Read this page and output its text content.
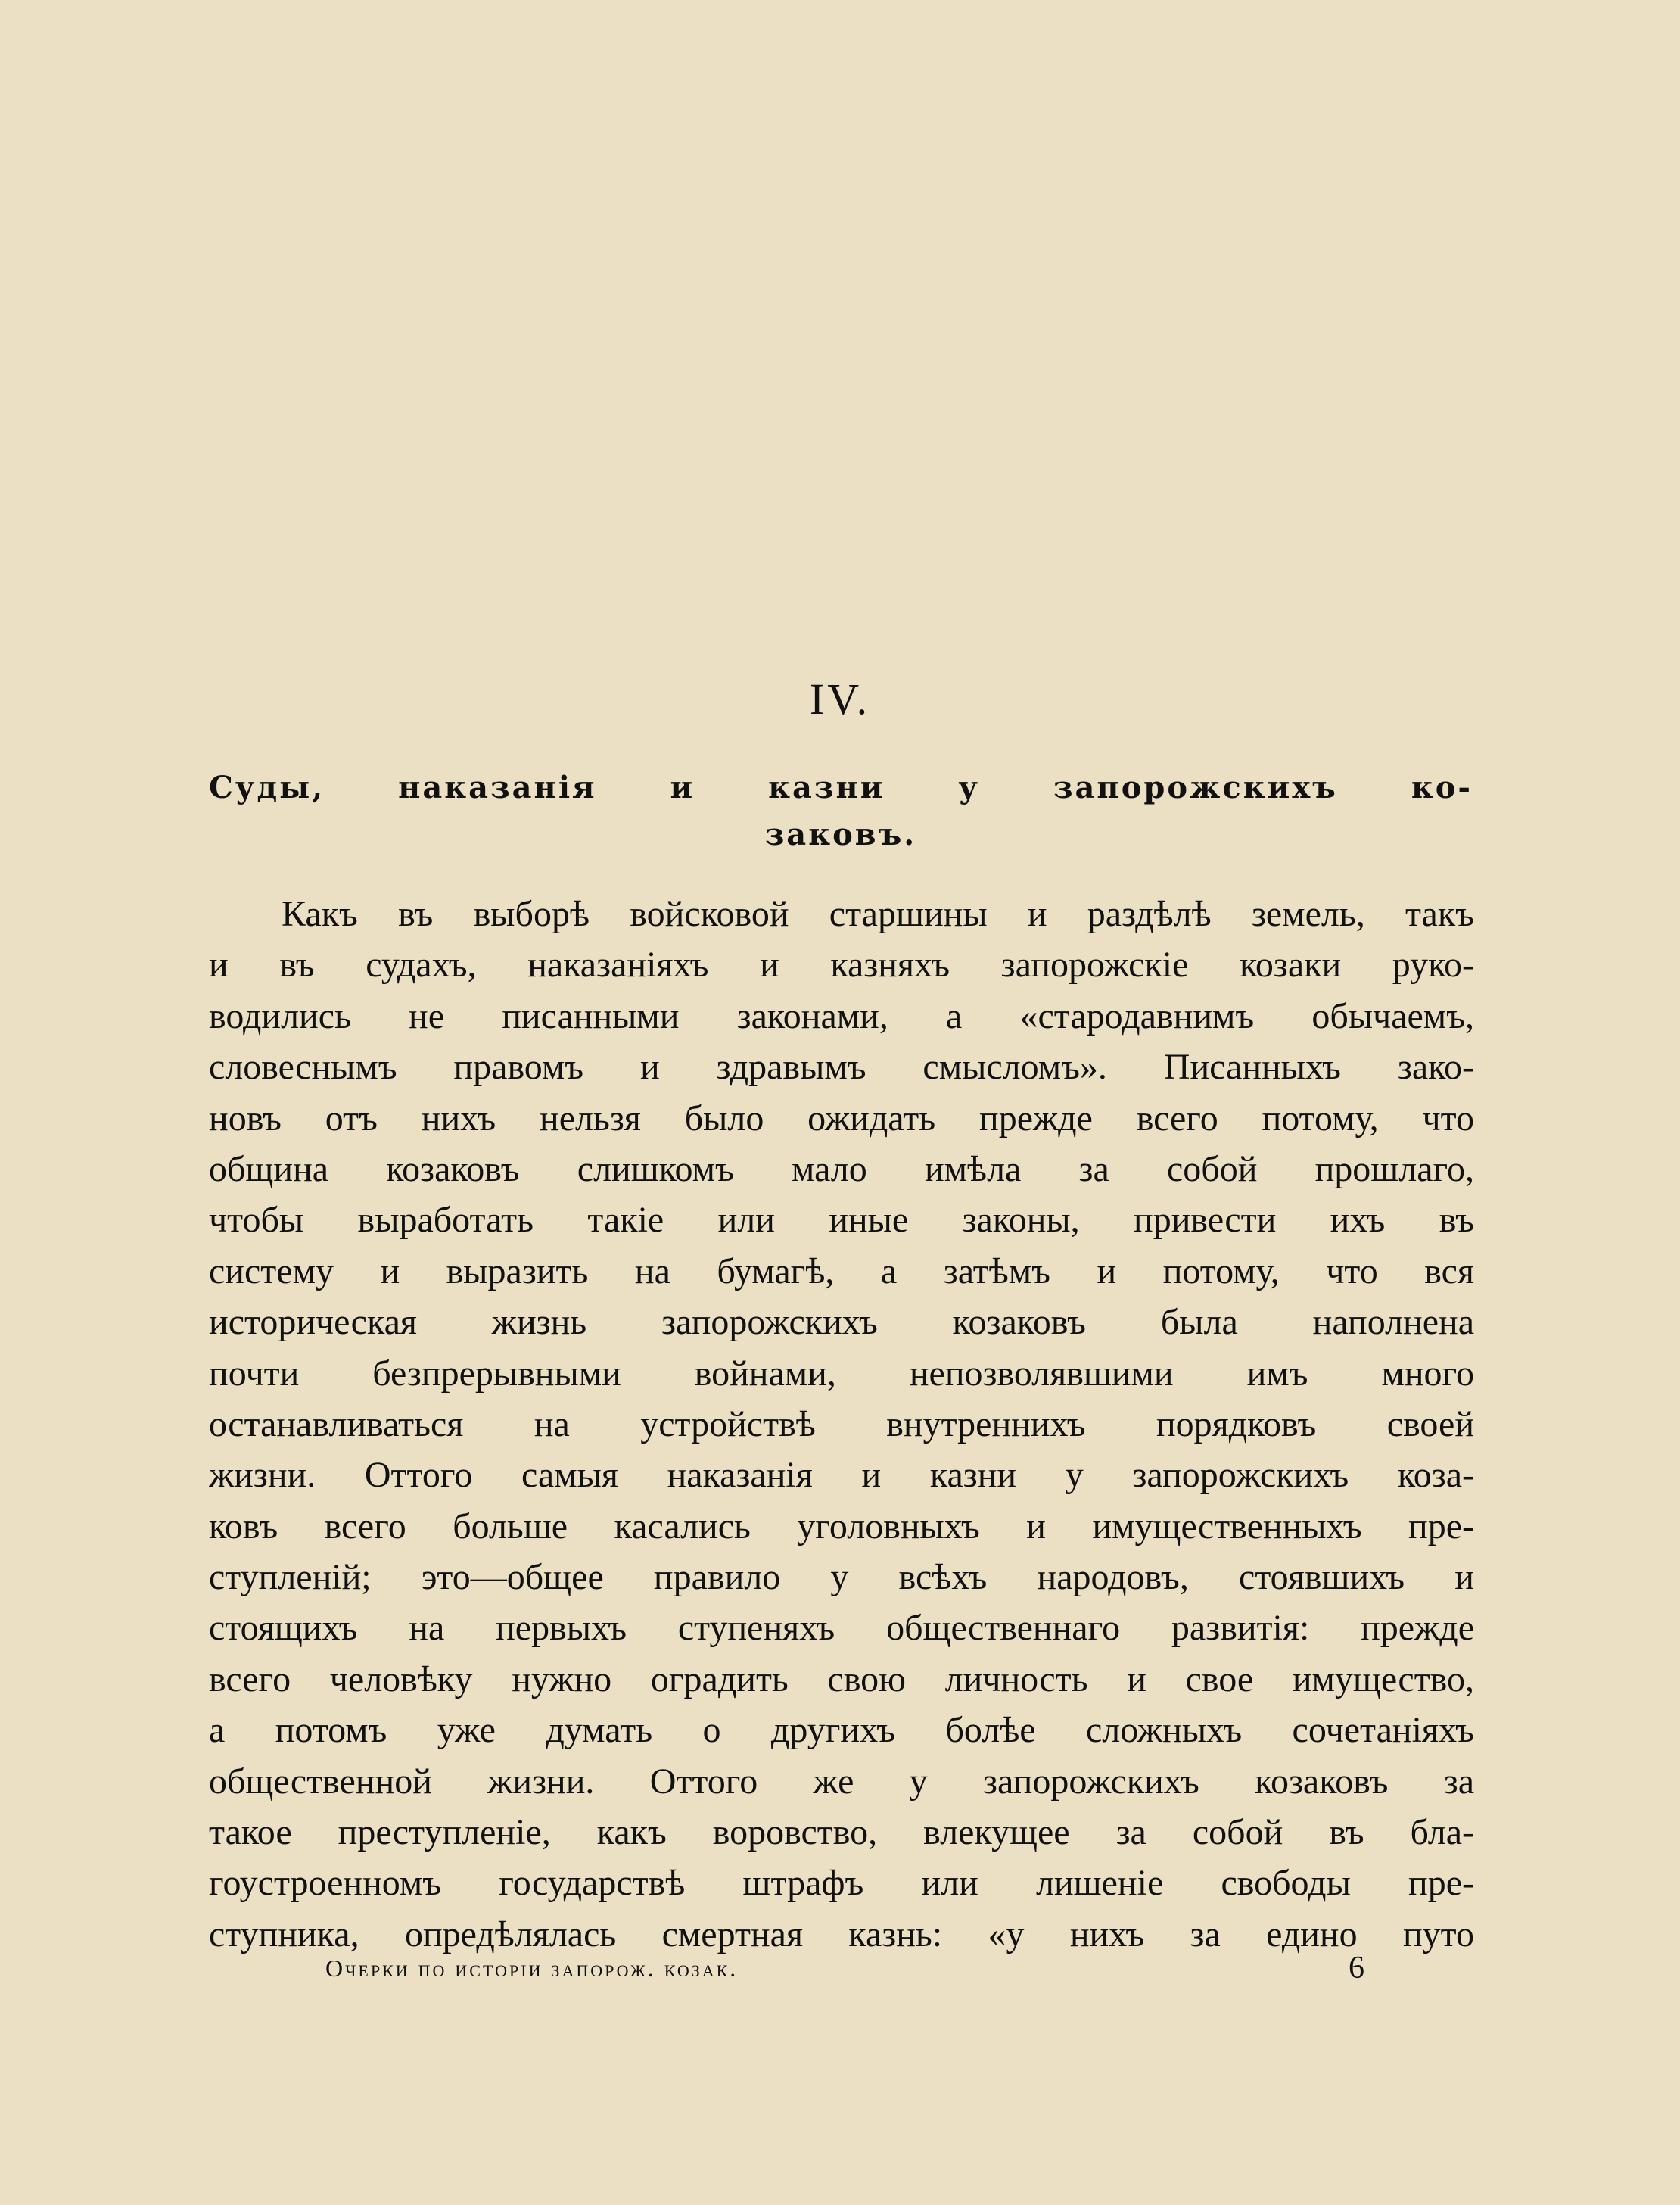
IV.
Суды, наказанія и казни у запорожскихъ ко-
заковъ.
Какъ въ выборѣ войсковой старшины и раздѣлѣ земель, такъ
и въ судахъ, наказаніяхъ и казняхъ запорожскіе козаки руко-
водились не писанными законами, а «стародавнимъ обычаемъ,
словеснымъ правомъ и здравымъ смысломъ». Писанныхъ зако-
новъ отъ нихъ нельзя было ожидать прежде всего потому, что
община козаковъ слишкомъ мало имѣла за собой прошлаго,
чтобы выработать такіе или иные законы, привести ихъ въ
систему и выразить на бумагѣ, а затѣмъ и потому, что вся
историческая жизнь запорожскихъ козаковъ была наполнена
почти безпрерывными войнами, непозволявшими имъ много
останавливаться на устройствѣ внутреннихъ порядковъ своей
жизни. Оттого самыя наказанія и казни у запорожскихъ коза-
ковъ всего больше касались уголовныхъ и имущественныхъ пре-
ступленій; это—общее правило у всѣхъ народовъ, стоявшихъ и
стоящихъ на первыхъ ступеняхъ общественнаго развитія: прежде
всего человѣку нужно оградить свою личность и свое имущество,
а потомъ уже думать о другихъ болѣе сложныхъ сочетаніяхъ
общественной жизни. Оттого же у запорожскихъ козаковъ за
такое преступленіе, какъ воровство, влекущее за собой въ бла-
гоустроенномъ государствѣ штрафъ или лишеніе свободы пре-
ступника, опредѣлялась смертная казнь: «у нихъ за едино путо
Очерки по исторіи запорож. козак.	6
